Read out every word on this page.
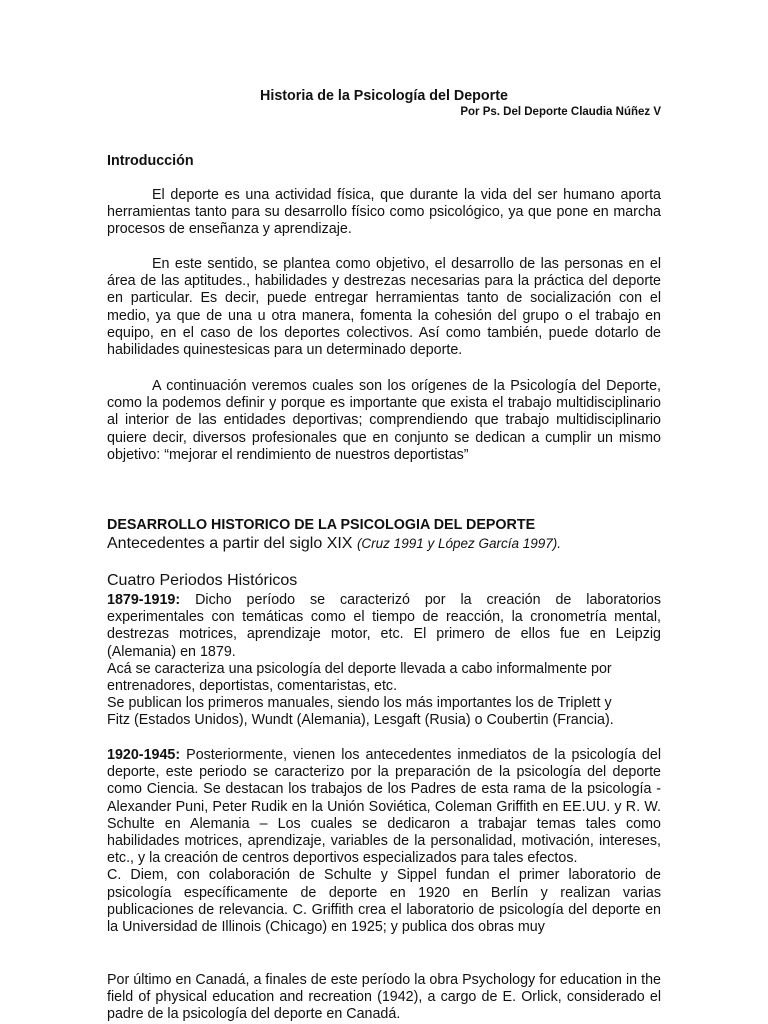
Historia de la Psicología del Deporte
Por Ps. Del Deporte Claudia Núñez V
Introducción

El deporte es una actividad física, que durante la vida del ser humano aporta herramientas tanto para su desarrollo físico como psicológico, ya que pone en marcha procesos de enseñanza y aprendizaje.

En este sentido, se plantea como objetivo, el desarrollo de las personas en el área de las aptitudes., habilidades y destrezas necesarias para la práctica del deporte en particular. Es decir, puede entregar herramientas tanto de socialización con el medio, ya que de una u otra manera, fomenta la cohesión del grupo o el trabajo en equipo, en el caso de los deportes colectivos. Así como también, puede dotarlo de habilidades quinestesicas para un determinado deporte.

A continuación veremos cuales son los orígenes de la Psicología del Deporte, como la podemos definir y porque es importante que exista el trabajo multidisciplinario al interior de las entidades deportivas; comprendiendo que trabajo multidisciplinario quiere decir, diversos profesionales que en conjunto se dedican a cumplir un mismo objetivo: “mejorar el rendimiento de nuestros deportistas”

DESARROLLO HISTORICO DE LA PSICOLOGIA DEL DEPORTE
Antecedentes a partir del siglo XIX (Cruz 1991 y López García 1997).
Cuatro Periodos Históricos

1879-1919: Dicho período se caracterizó por la creación de laboratorios experimentales con temáticas como el tiempo de reacción, la cronometría mental, destrezas motrices, aprendizaje motor, etc. El primero de ellos fue en Leipzig (Alemania) en 1879.

Acá se caracteriza una psicología del deporte llevada a cabo informalmente por

entrenadores, deportistas, comentaristas, etc.

Se publican los primeros manuales, siendo los más importantes los de Triplett y

Fitz (Estados Unidos), Wundt (Alemania), Lesgaft (Rusia) o Coubertin (Francia).

1920-1945: Posteriormente, vienen los antecedentes inmediatos de la psicología del deporte, este periodo se caracterizo por la preparación de la psicología del deporte como Ciencia. Se destacan los trabajos de los Padres de esta rama de la psicología - Alexander Puni, Peter Rudik en la Unión Soviética, Coleman Griffith en EE.UU. y R. W. Schulte en Alemania – Los cuales se dedicaron a trabajar temas tales como habilidades motrices, aprendizaje, variables de la personalidad, motivación, intereses, etc., y la creación de centros deportivos especializados para tales efectos.

C. Diem, con colaboración de Schulte y Sippel fundan el primer laboratorio de psicología específicamente de deporte en 1920 en Berlín y realizan varias publicaciones de relevancia. C. Griffith crea el laboratorio de psicología del deporte en la Universidad de Illinois (Chicago) en 1925; y publica dos obras muy

Por último en Canadá, a finales de este período la obra Psychology for education in the field of physical education and recreation (1942), a cargo de E. Orlick, considerado el padre de la psicología del deporte en Canadá.
